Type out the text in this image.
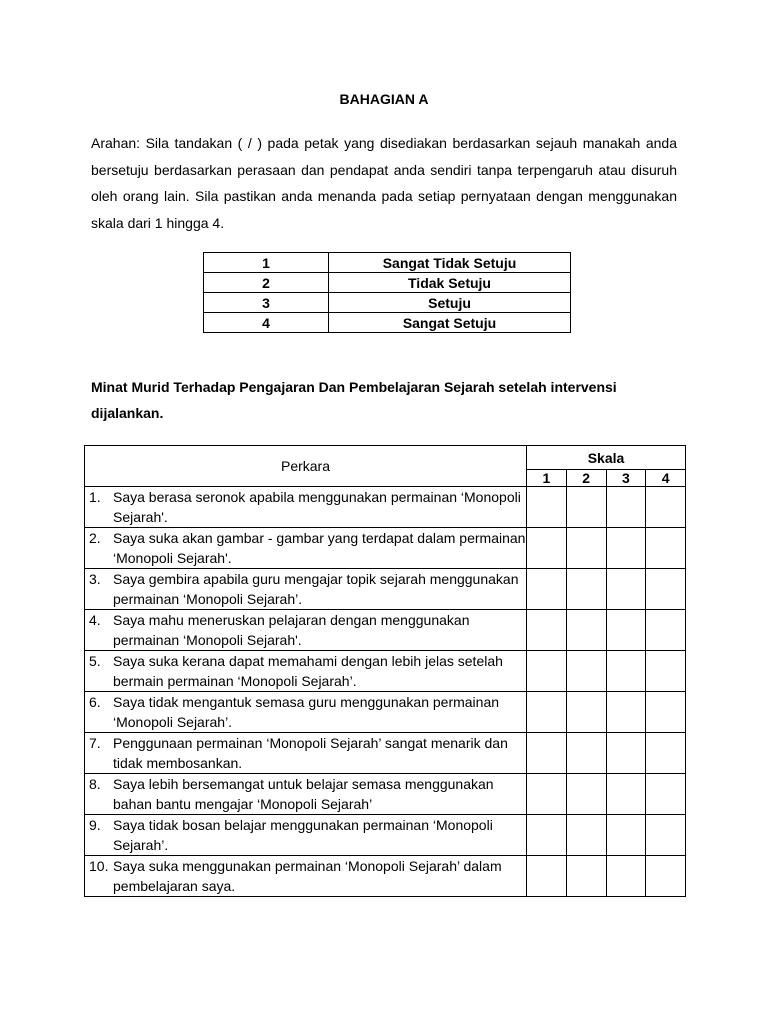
BAHAGIAN A

Arahan: Sila tandakan ( / ) pada petak yang disediakan berdasarkan sejauh manakah anda bersetuju berdasarkan perasaan dan pendapat anda sendiri tanpa terpengaruh atau disuruh oleh orang lain. Sila pastikan anda menanda pada setiap pernyataan dengan menggunakan skala dari 1 hingga 4.

1	Sangat Tidak Setuju
2	Tidak Setuju
3	Setuju
4	Sangat Setuju

Minat Murid Terhadap Pengajaran Dan Pembelajaran Sejarah setelah intervensi dijalankan.

Perkara	Skala			
	1	2	3	4

1. Saya berasa seronok apabila menggunakan permainan ‘Monopoli Sejarah'.				

2. Saya suka akan gambar - gambar yang terdapat dalam permainan ‘Monopoli Sejarah'.				

3. Saya gembira apabila guru mengajar topik sejarah menggunakan permainan ‘Monopoli Sejarah’.				

4. Saya mahu meneruskan pelajaran dengan menggunakan permainan ‘Monopoli Sejarah'.				

5. Saya suka kerana dapat memahami dengan lebih jelas setelah bermain permainan ‘Monopoli Sejarah’.				

6. Saya tidak mengantuk semasa guru menggunakan permainan ‘Monopoli Sejarah’.				

7. Penggunaan permainan ‘Monopoli Sejarah’ sangat menarik dan tidak membosankan.				

8. Saya lebih bersemangat untuk belajar semasa menggunakan bahan bantu mengajar ‘Monopoli Sejarah’				

9. Saya tidak bosan belajar menggunakan permainan ‘Monopoli Sejarah’.				

10. Saya suka menggunakan permainan ‘Monopoli Sejarah’ dalam pembelajaran saya.				
